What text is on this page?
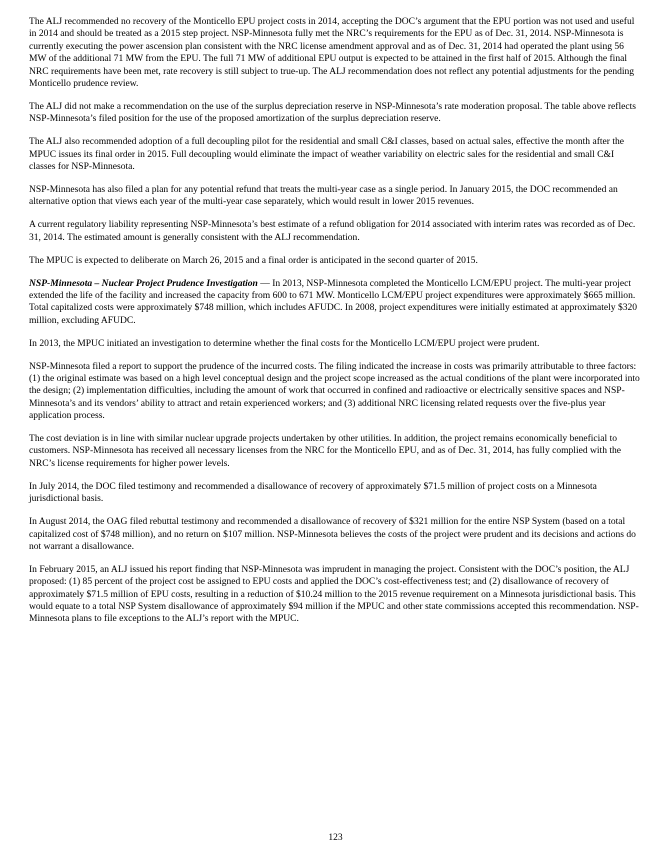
The ALJ recommended no recovery of the Monticello EPU project costs in 2014, accepting the DOC’s argument that the EPU portion was not used and useful in 2014 and should be treated as a 2015 step project. NSP-Minnesota fully met the NRC’s requirements for the EPU as of Dec. 31, 2014. NSP-Minnesota is currently executing the power ascension plan consistent with the NRC license amendment approval and as of Dec. 31, 2014 had operated the plant using 56 MW of the additional 71 MW from the EPU. The full 71 MW of additional EPU output is expected to be attained in the first half of 2015. Although the final NRC requirements have been met, rate recovery is still subject to true-up. The ALJ recommendation does not reflect any potential adjustments for the pending Monticello prudence review.

The ALJ did not make a recommendation on the use of the surplus depreciation reserve in NSP-Minnesota’s rate moderation proposal. The table above reflects NSP-Minnesota’s filed position for the use of the proposed amortization of the surplus depreciation reserve.

The ALJ also recommended adoption of a full decoupling pilot for the residential and small C&I classes, based on actual sales, effective the month after the MPUC issues its final order in 2015. Full decoupling would eliminate the impact of weather variability on electric sales for the residential and small C&I classes for NSP-Minnesota.

NSP-Minnesota has also filed a plan for any potential refund that treats the multi-year case as a single period. In January 2015, the DOC recommended an alternative option that views each year of the multi-year case separately, which would result in lower 2015 revenues.

A current regulatory liability representing NSP-Minnesota’s best estimate of a refund obligation for 2014 associated with interim rates was recorded as of Dec. 31, 2014. The estimated amount is generally consistent with the ALJ recommendation.

The MPUC is expected to deliberate on March 26, 2015 and a final order is anticipated in the second quarter of 2015.

NSP-Minnesota – Nuclear Project Prudence Investigation — In 2013, NSP-Minnesota completed the Monticello LCM/EPU project. The multi-year project extended the life of the facility and increased the capacity from 600 to 671 MW. Monticello LCM/EPU project expenditures were approximately $665 million. Total capitalized costs were approximately $748 million, which includes AFUDC. In 2008, project expenditures were initially estimated at approximately $320 million, excluding AFUDC.

In 2013, the MPUC initiated an investigation to determine whether the final costs for the Monticello LCM/EPU project were prudent.

NSP-Minnesota filed a report to support the prudence of the incurred costs. The filing indicated the increase in costs was primarily attributable to three factors: (1) the original estimate was based on a high level conceptual design and the project scope increased as the actual conditions of the plant were incorporated into the design; (2) implementation difficulties, including the amount of work that occurred in confined and radioactive or electrically sensitive spaces and NSP-Minnesota’s and its vendors’ ability to attract and retain experienced workers; and (3) additional NRC licensing related requests over the five-plus year application process.

The cost deviation is in line with similar nuclear upgrade projects undertaken by other utilities. In addition, the project remains economically beneficial to customers. NSP-Minnesota has received all necessary licenses from the NRC for the Monticello EPU, and as of Dec. 31, 2014, has fully complied with the NRC’s license requirements for higher power levels.

In July 2014, the DOC filed testimony and recommended a disallowance of recovery of approximately $71.5 million of project costs on a Minnesota jurisdictional basis.

In August 2014, the OAG filed rebuttal testimony and recommended a disallowance of recovery of $321 million for the entire NSP System (based on a total capitalized cost of $748 million), and no return on $107 million. NSP-Minnesota believes the costs of the project were prudent and its decisions and actions do not warrant a disallowance.

In February 2015, an ALJ issued his report finding that NSP-Minnesota was imprudent in managing the project. Consistent with the DOC’s position, the ALJ proposed: (1) 85 percent of the project cost be assigned to EPU costs and applied the DOC’s cost-effectiveness test; and (2) disallowance of recovery of approximately $71.5 million of EPU costs, resulting in a reduction of $10.24 million to the 2015 revenue requirement on a Minnesota jurisdictional basis. This would equate to a total NSP System disallowance of approximately $94 million if the MPUC and other state commissions accepted this recommendation. NSP-Minnesota plans to file exceptions to the ALJ’s report with the MPUC.

123
